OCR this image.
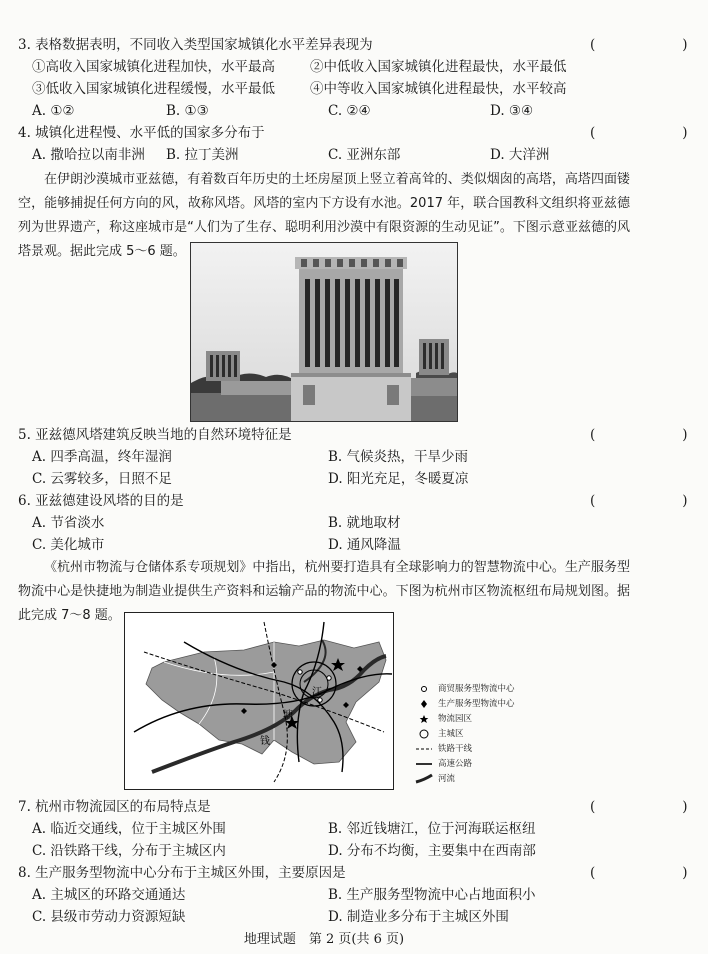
3. 表格数据表明，不同收入类型国家城镇化水平差异表现为	(　　)
①高收入国家城镇化进程加快，水平最高	②中低收入国家城镇化进程最快，水平最低
③低收入国家城镇化进程缓慢，水平最低	④中等收入国家城镇化进程最快，水平较高
A. ①②	B. ①③	C. ②④	D. ③④
4. 城镇化进程慢、水平低的国家多分布于	(　　)
A. 撒哈拉以南非洲 B. 拉丁美洲	C. 亚洲东部	D. 大洋洲
在伊朗沙漠城市亚兹德，有着数百年历史的土坯房屋顶上竖立着高耸的、类似烟囱的高塔，高塔四面镂空，能够捕捉任何方向的风，故称风塔。风塔的室内下方设有水池。2017 年，联合国教科文组织将亚兹德列为世界遗产，称这座城市是“人们为了生存、聪明利用沙漠中有限资源的生动见证”。下图示意亚兹德的风塔景观。据此完成 5～6 题。
5. 亚兹德风塔建筑反映当地的自然环境特征是	(　　)
A. 四季高温，终年湿润	B. 气候炎热，干旱少雨
C. 云雾较多，日照不足	D. 阳光充足，冬暖夏凉
6. 亚兹德建设风塔的目的是	(　　)
A. 节省淡水	B. 就地取材
C. 美化城市	D. 通风降温
《杭州市物流与仓储体系专项规划》中指出，杭州要打造具有全球影响力的智慧物流中心。生产服务型物流中心是快捷地为制造业提供生产资料和运输产品的物流中心。下图为杭州市区物流枢纽布局规划图。据此完成 7～8 题。
江
钱
塘
商贸服务型物流中心
生产服务型物流中心
物流园区
主城区
铁路干线
高速公路
河流
7. 杭州市物流园区的布局特点是	(　　)
A. 临近交通线，位于主城区外围	B. 邻近钱塘江，位于河海联运枢纽
C. 沿铁路干线，分布于主城区内	D. 分布不均衡，主要集中在西南部
8. 生产服务型物流中心分布于主城区外围，主要原因是	(　　)
A. 主城区的环路交通通达	B. 生产服务型物流中心占地面积小
C. 县级市劳动力资源短缺	D. 制造业多分布于主城区外围
地理试题　第 2 页(共 6 页)
